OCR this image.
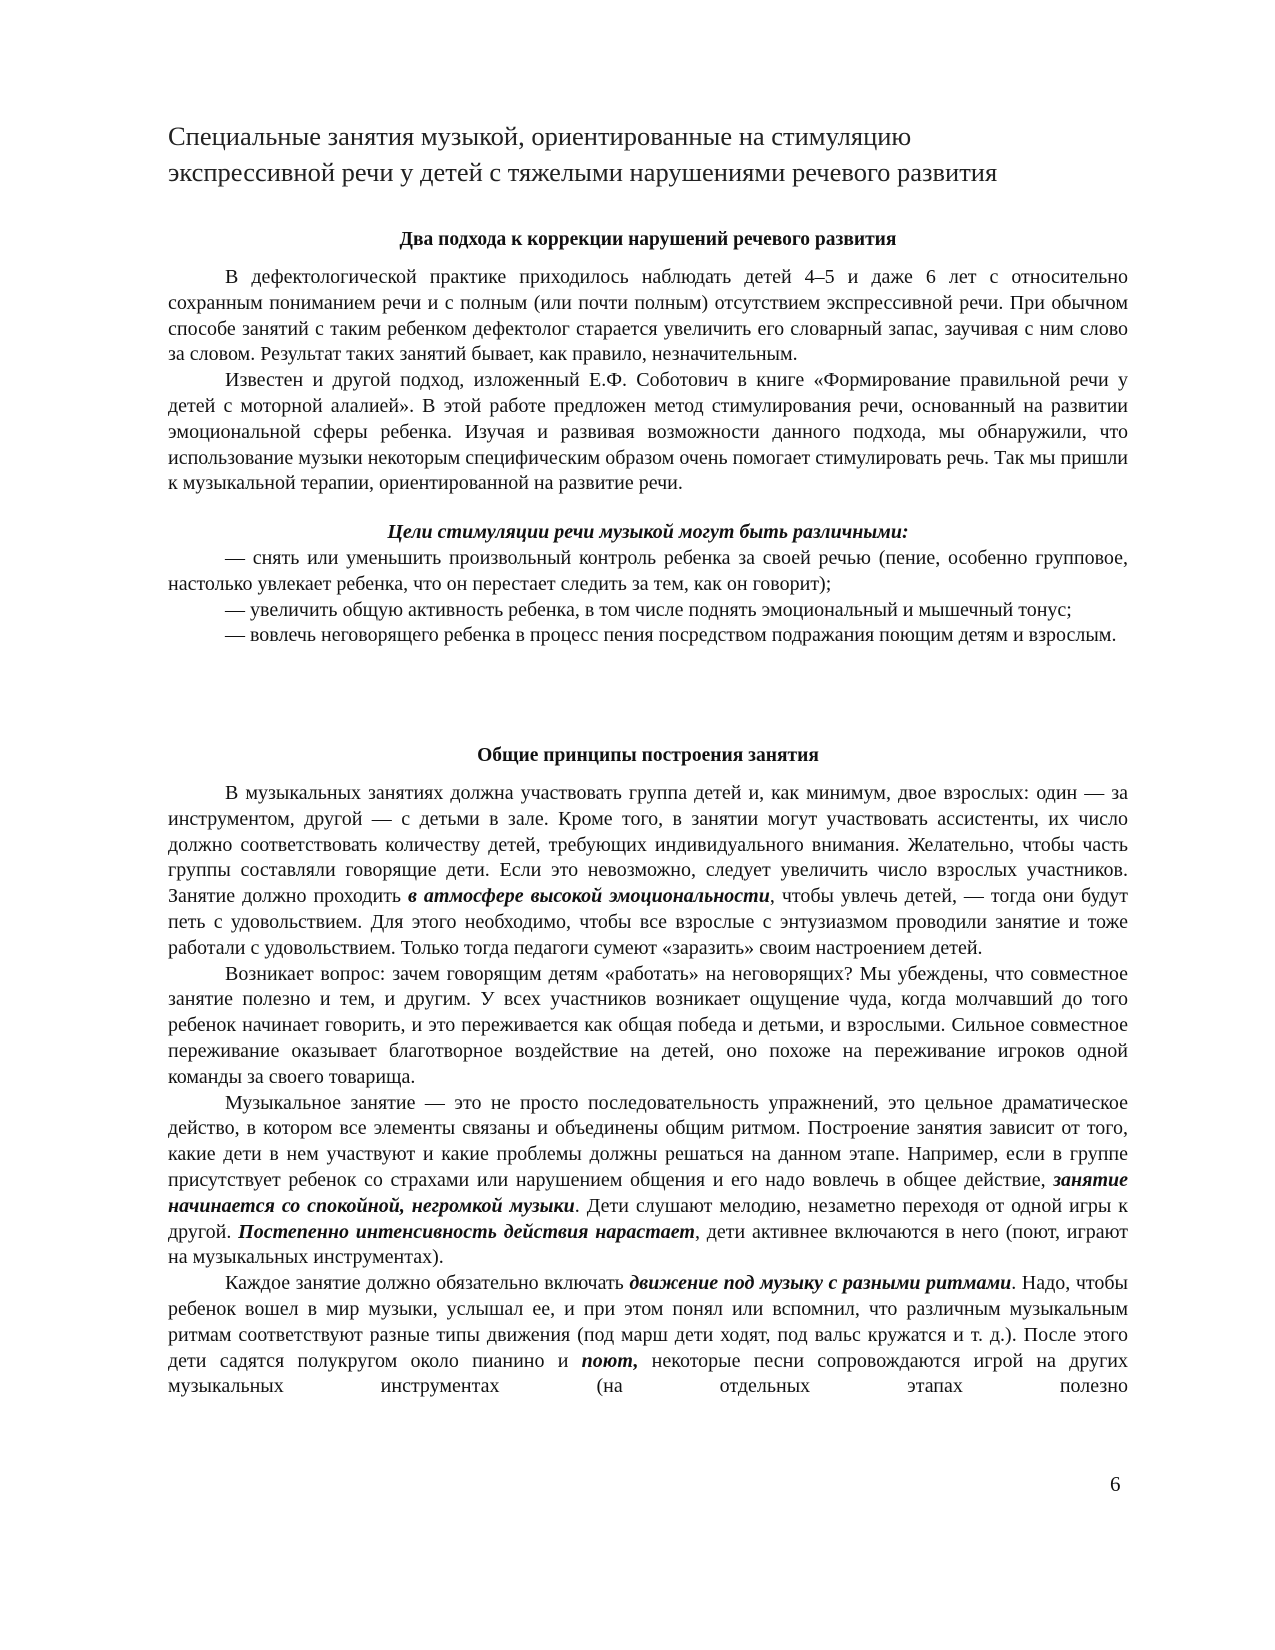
Специальные занятия музыкой, ориентированные на стимуляцию
экспрессивной речи у детей с тяжелыми нарушениями речевого развития
Два подхода к коррекции нарушений речевого развития

В дефектологической практике приходилось наблюдать детей 4–5 и даже 6 лет с относительно сохранным пониманием речи и с полным (или почти полным) отсутствием экспрессивной речи. При обычном способе занятий с таким ребенком дефектолог старается увеличить его словарный запас, заучивая с ним слово за словом. Результат таких занятий бывает, как правило, незначительным.

Известен и другой подход, изложенный Е.Ф. Соботович в книге «Формирование правильной речи у детей с моторной алалией». В этой работе предложен метод стимулирования речи, основанный на развитии эмоциональной сферы ребенка. Изучая и развивая возможности данного подхода, мы обнаружили, что использование музыки некоторым специфическим образом очень помогает стимулировать речь. Так мы пришли к музыкальной терапии, ориентированной на развитие речи.

Цели стимуляции речи музыкой могут быть различными:

— снять или уменьшить произвольный контроль ребенка за своей речью (пение, особенно групповое, настолько увлекает ребенка, что он перестает следить за тем, как он говорит);

— увеличить общую активность ребенка, в том числе поднять эмоциональный и мышечный тонус;

— вовлечь неговорящего ребенка в процесс пения посредством подражания поющим детям и взрослым.

Общие принципы построения занятия

В музыкальных занятиях должна участвовать группа детей и, как минимум, двое взрослых: один — за инструментом, другой — с детьми в зале. Кроме того, в занятии могут участвовать ассистенты, их число должно соответствовать количеству детей, требующих индивидуального внимания. Желательно, чтобы часть группы составляли говорящие дети. Если это невозможно, следует увеличить число взрослых участников. Занятие должно проходить в атмосфере высокой эмоциональности, чтобы увлечь детей, — тогда они будут петь с удовольствием. Для этого необходимо, чтобы все взрослые с энтузиазмом проводили занятие и тоже работали с удовольствием. Только тогда педагоги сумеют «заразить» своим настроением детей.

Возникает вопрос: зачем говорящим детям «работать» на неговорящих? Мы убеждены, что совместное занятие полезно и тем, и другим. У всех участников возникает ощущение чуда, когда молчавший до того ребенок начинает говорить, и это переживается как общая победа и детьми, и взрослыми. Сильное совместное переживание оказывает благотворное воздействие на детей, оно похоже на переживание игроков одной команды за своего товарища.

Музыкальное занятие — это не просто последовательность упражнений, это цельное драматическое действо, в котором все элементы связаны и объединены общим ритмом. Построение занятия зависит от того, какие дети в нем участвуют и какие проблемы должны решаться на данном этапе. Например, если в группе присутствует ребенок со страхами или нарушением общения и его надо вовлечь в общее действие, занятие начинается со спокойной, негромкой музыки. Дети слушают мелодию, незаметно переходя от одной игры к другой. Постепенно интенсивность действия нарастает, дети активнее включаются в него (поют, играют на музыкальных инструментах).

Каждое занятие должно обязательно включать движение под музыку с разными ритмами. Надо, чтобы ребенок вошел в мир музыки, услышал ее, и при этом понял или вспомнил, что различным музыкальным ритмам соответствуют разные типы движения (под марш дети ходят, под вальс кружатся и т. д.). После этого дети садятся полукругом около пианино и поют, некоторые песни сопровождаются игрой на других музыкальных инструментах (на отдельных этапах полезно

6
